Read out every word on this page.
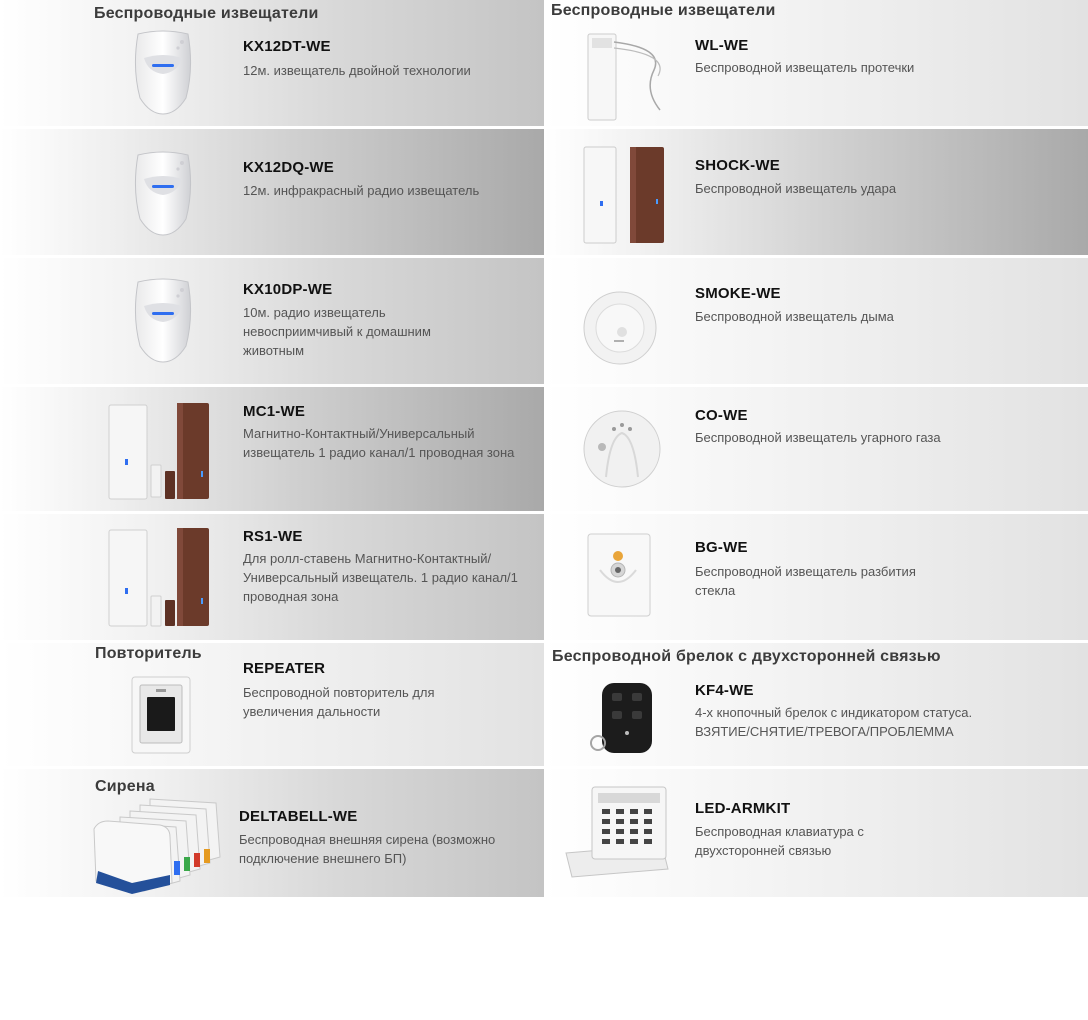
Беспроводные извещатели
KX12DT-WE
12м. извещатель двойной технологии
KX12DQ-WE
12м. инфракрасный радио извещатель
KX10DP-WE
10м. радио извещатель невосприимчивый к домашним животным
MC1-WE
Магнитно-Контактный/Универсальный извещатель 1 радио канал/1 проводная зона
RS1-WE
Для ролл-ставень Магнитно-Контактный/Универсальный извещатель. 1 радио канал/1 проводная зона
Повторитель
REPEATER
Беспроводной повторитель для увеличения дальности
Сирена
DELTABELL-WE
Беспроводная внешняя сирена (возможно подключение внешнего БП)
Беспроводные извещатели
WL-WE
Беспроводной извещатель протечки
SHOCK-WE
Беспроводной извещатель удара
SMOKE-WE
Беспроводной извещатель дыма
CO-WE
Беспроводной извещатель угарного газа
BG-WE
Беспроводной извещатель разбития стекла
Беспроводной брелок с двухсторонней связью
KF4-WE
4-х кнопочный брелок с индикатором статуса. ВЗЯТИЕ/СНЯТИЕ/ТРЕВОГА/ПРОБЛЕММА
LED-ARMKIT
Беспроводная клавиатура с двухсторонней связью
